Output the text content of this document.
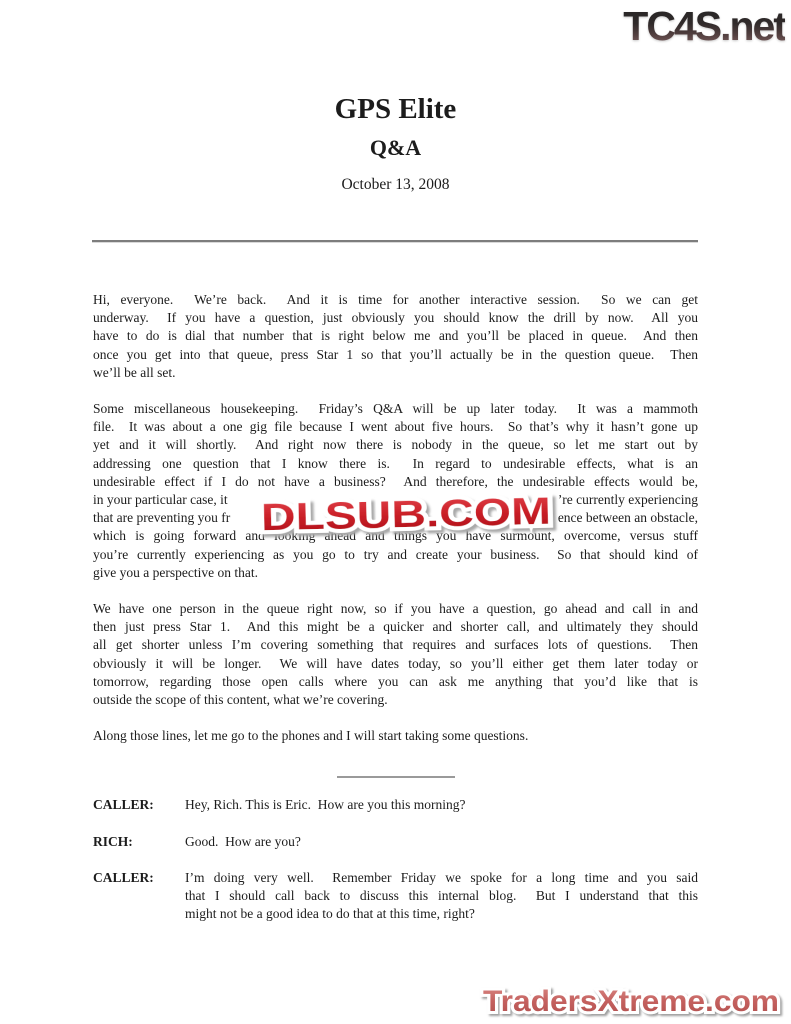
TC4S.net
GPS Elite
Q&A
October 13, 2008
Hi, everyone.  We’re back.  And it is time for another interactive session.  So we can get
underway.  If you have a question, just obviously you should know the drill by now.  All you
have to do is dial that number that is right below me and you’ll be placed in queue.  And then
once you get into that queue, press Star 1 so that you’ll actually be in the question queue.  Then
we’ll be all set.
Some miscellaneous housekeeping.  Friday’s Q&A will be up later today.  It was a mammoth
file.  It was about a one gig file because I went about five hours.  So that’s why it hasn’t gone up
yet and it will shortly.  And right now there is nobody in the queue, so let me start out by
addressing one question that I know there is.  In regard to undesirable effects, what is an
undesirable effect if I do not have a business?  And therefore, the undesirable effects would be,
in your particular case, it	’re currently experiencing
that are preventing you fr	ence between an obstacle,
which is going forward and looking ahead and things you have surmount, overcome, versus stuff
you’re currently experiencing as you go to try and create your business.  So that should kind of
give you a perspective on that.
We have one person in the queue right now, so if you have a question, go ahead and call in and
then just press Star 1.  And this might be a quicker and shorter call, and ultimately they should
all get shorter unless I’m covering something that requires and surfaces lots of questions.  Then
obviously it will be longer.  We will have dates today, so you’ll either get them later today or
tomorrow, regarding those open calls where you can ask me anything that you’d like that is
outside the scope of this content, what we’re covering.
Along those lines, let me go to the phones and I will start taking some questions.
CALLER:	Hey, Rich. This is Eric.  How are you this morning?
RICH:	Good.  How are you?
CALLER:	I’m doing very well.  Remember Friday we spoke for a long time and you said
that I should call back to discuss this internal blog.  But I understand that this
might not be a good idea to do that at this time, right?
DLSUB.COM
TradersXtreme.com
